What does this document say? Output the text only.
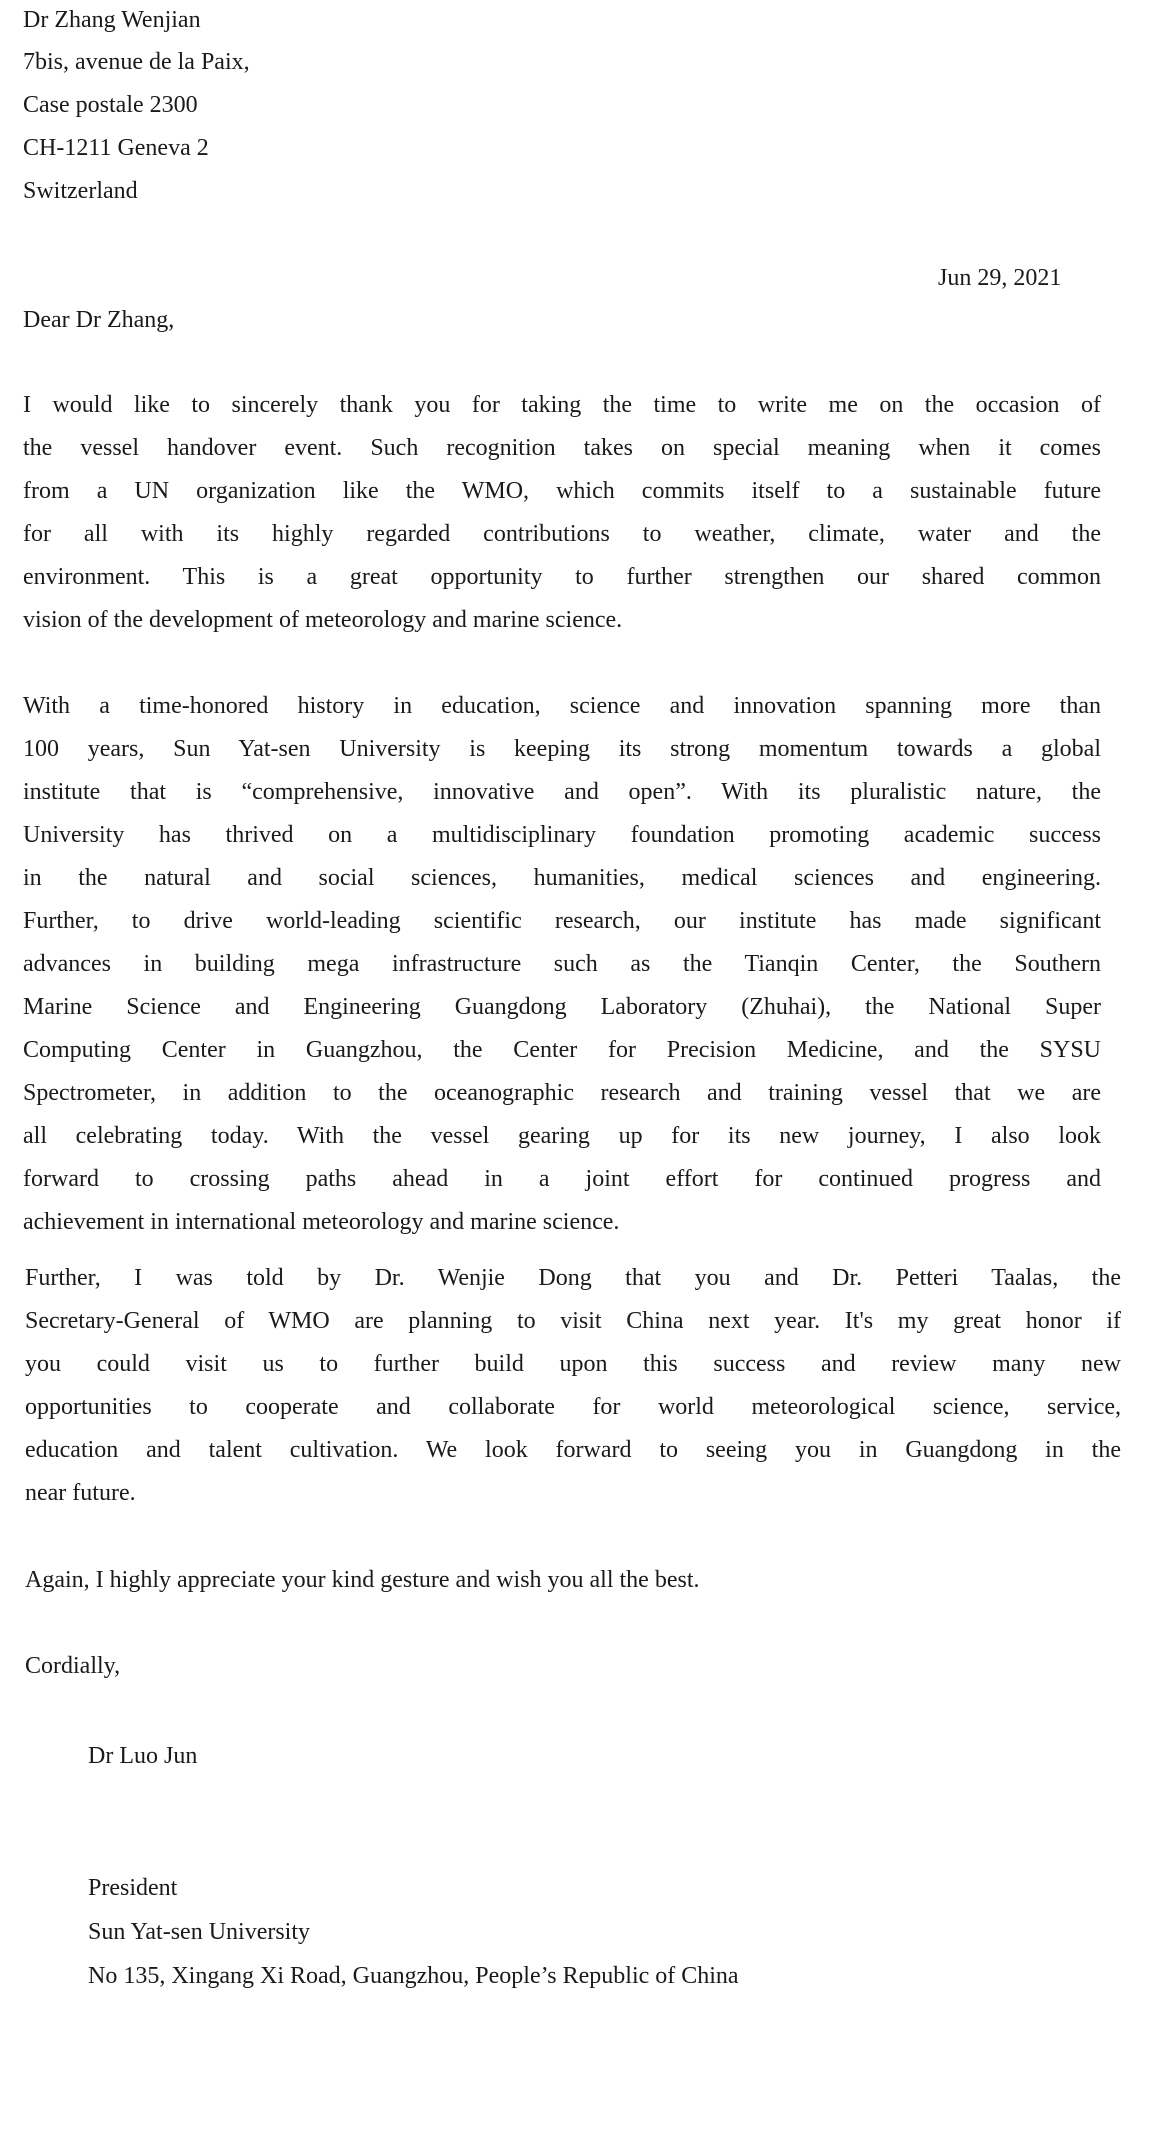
Dr Zhang Wenjian
7bis, avenue de la Paix,
Case postale 2300
CH-1211 Geneva 2
Switzerland
Jun 29, 2021
Dear Dr Zhang,
I would like to sincerely thank you for taking the time to write me on the occasion of
the vessel handover event. Such recognition takes on special meaning when it comes
from a UN organization like the WMO, which commits itself to a sustainable future
for all with its highly regarded contributions to weather, climate, water and the
environment. This is a great opportunity to further strengthen our shared common
vision of the development of meteorology and marine science.
With a time-honored history in education, science and innovation spanning more than
100 years, Sun Yat-sen University is keeping its strong momentum towards a global
institute that is “comprehensive, innovative and open”. With its pluralistic nature, the
University has thrived on a multidisciplinary foundation promoting academic success
in the natural and social sciences, humanities, medical sciences and engineering.
Further, to drive world-leading scientific research, our institute has made significant
advances in building mega infrastructure such as the Tianqin Center, the Southern
Marine Science and Engineering Guangdong Laboratory (Zhuhai), the National Super
Computing Center in Guangzhou, the Center for Precision Medicine, and the SYSU
Spectrometer, in addition to the oceanographic research and training vessel that we are
all celebrating today. With the vessel gearing up for its new journey, I also look
forward to crossing paths ahead in a joint effort for continued progress and
achievement in international meteorology and marine science.
Further, I was told by Dr. Wenjie Dong that you and Dr. Petteri Taalas, the
Secretary-General of WMO are planning to visit China next year. It's my great honor if
you could visit us to further build upon this success and review many new
opportunities to cooperate and collaborate for world meteorological science, service,
education and talent cultivation. We look forward to seeing you in Guangdong in the
near future.
Again, I highly appreciate your kind gesture and wish you all the best.
Cordially,
Dr Luo Jun
President
Sun Yat-sen University
No 135, Xingang Xi Road, Guangzhou, People’s Republic of China
